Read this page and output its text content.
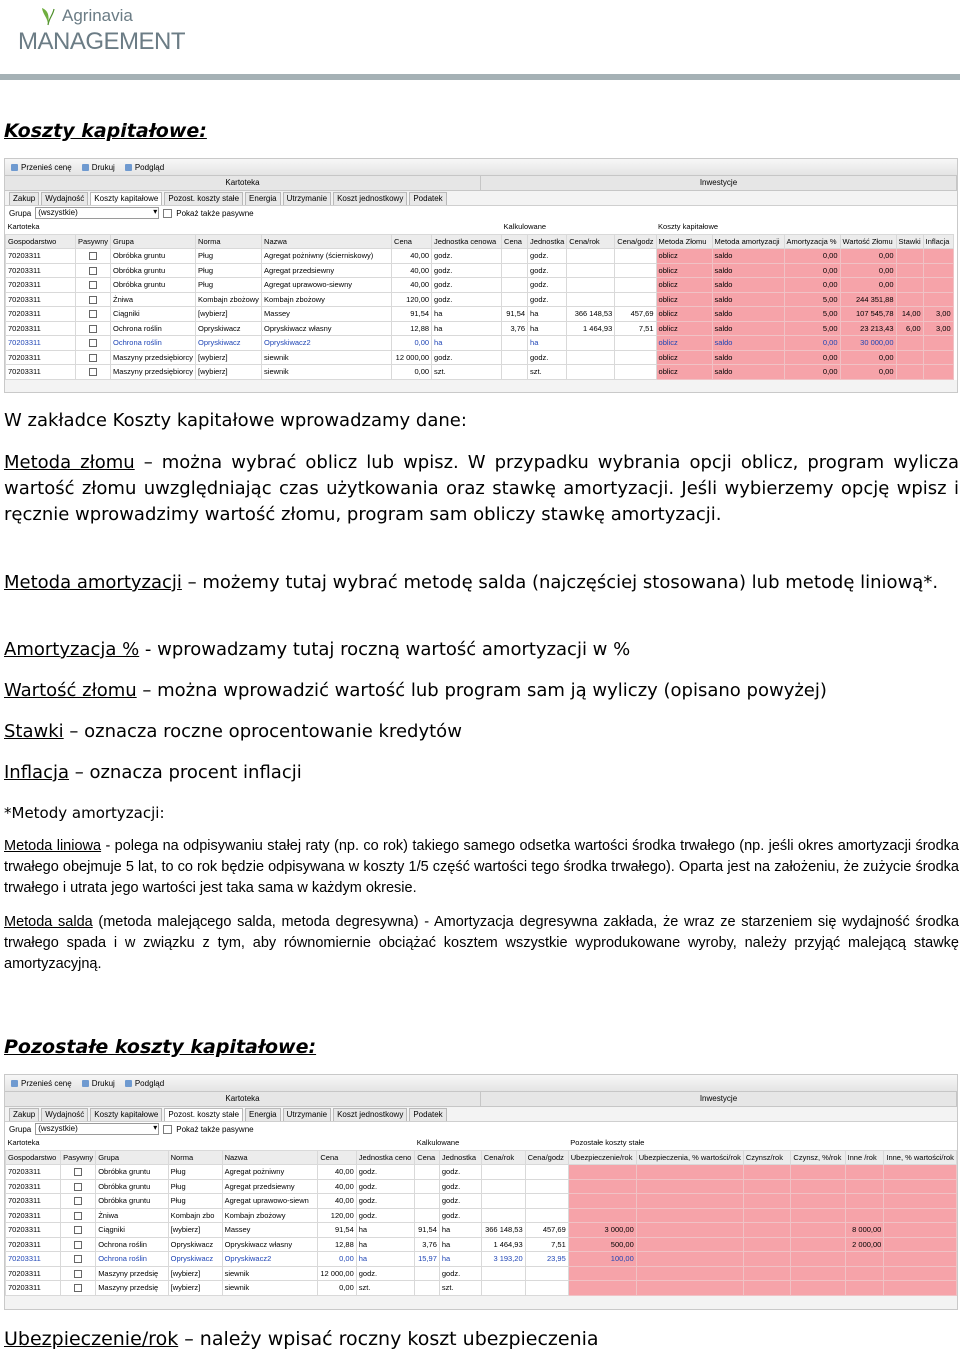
Agrinavia
MANAGEMENT
Koszty kapitałowe:
Przenieś cenę	Drukuj	Podgląd
Kartoteka	Inwestycje
Zakup	Wydajność	Koszty kapitałowe	Pozost. koszty stałe	Energia	Utrzymanie	Koszt jednostkowy	Podatek
Grupa (wszystkie) ▾	Pokaż także pasywne
Kartoteka							Kalkulowane				Koszty kapitałowe					
Gospodarstwo	Pasywny	Grupa	Norma	Nazwa	Cena	Jednostka cenowa	Cena	Jednostka	Cena/rok	Cena/godz	Metoda Złomu	Metoda amortyzacji	Amortyzacja %	Wartość Złomu	Stawki	Inflacja
70203311		Obróbka gruntu	Pług	Agregat pożniwny (ścierniskowy)	40,00	godz.		godz.			oblicz	saldo	0,00	0,00		
70203311		Obróbka gruntu	Pług	Agregat przedsiewny	40,00	godz.		godz.			oblicz	saldo	0,00	0,00		
70203311		Obróbka gruntu	Pług	Agregat uprawowo-siewny	40,00	godz.		godz.			oblicz	saldo	0,00	0,00		
70203311		Żniwa	Kombajn zbożowy	Kombajn zbożowy	120,00	godz.		godz.			oblicz	saldo	5,00	244 351,88		
70203311		Ciągniki	[wybierz]	Massey	91,54	ha	91,54	ha	366 148,53	457,69	oblicz	saldo	5,00	107 545,78	14,00	3,00
70203311		Ochrona roślin	Opryskiwacz	Opryskiwacz własny	12,88	ha	3,76	ha	1 464,93	7,51	oblicz	saldo	5,00	23 213,43	6,00	3,00
70203311		Ochrona roślin	Opryskiwacz	Opryskiwacz2	0,00	ha		ha			oblicz	saldo	0,00	30 000,00		
70203311		Maszyny przedsiębiorcy	[wybierz]	siewnik	12 000,00	godz.		godz.			oblicz	saldo	0,00	0,00		
70203311		Maszyny przedsiębiorcy	[wybierz]	siewnik	0,00	szt.		szt.			oblicz	saldo	0,00	0,00		

W zakładce Koszty kapitałowe wprowadzamy dane:

Metoda złomu – można wybrać oblicz lub wpisz. W przypadku wybrania opcji oblicz, program wylicza wartość złomu uwzględniając czas użytkowania oraz stawkę amortyzacji. Jeśli wybierzemy opcję wpisz i ręcznie wprowadzimy wartość złomu, program sam obliczy stawkę amortyzacji.

Metoda amortyzacji – możemy tutaj wybrać metodę salda (najczęściej stosowana) lub metodę liniową*.

Amortyzacja % - wprowadzamy tutaj roczną wartość amortyzacji w %

Wartość złomu – można wprowadzić wartość lub program sam ją wyliczy (opisano powyżej)

Stawki – oznacza roczne oprocentowanie kredytów

Inflacja – oznacza procent inflacji

*Metody amortyzacji:

Metoda liniowa - polega na odpisywaniu stałej raty (np. co rok) takiego samego odsetka wartości środka trwałego (np. jeśli okres amortyzacji środka trwałego obejmuje 5 lat, to co rok będzie odpisywana w koszty 1/5 część wartości tego środka trwałego). Oparta jest na założeniu, że zużycie środka trwałego i utrata jego wartości jest taka sama w każdym okresie.

Metoda salda (metoda malejącego salda, metoda degresywna) - Amortyzacja degresywna zakłada, że wraz ze starzeniem się wydajność środka trwałego spada i w związku z tym, aby równomiernie obciążać kosztem wszystkie wyprodukowane wyroby, należy przyjąć malejącą stawkę amortyzacyjną.

Pozostałe koszty kapitałowe:
Przenieś cenę	Drukuj	Podgląd
Kartoteka	Inwestycje
Zakup	Wydajność	Koszty kapitałowe	Pozost. koszty stałe	Energia	Utrzymanie	Koszt jednostkowy	Podatek
Grupa (wszystkie) ▾	Pokaż także pasywne
Kartoteka							Kalkulowane				Pozostałe koszty stałe					
Gospodarstwo	Pasywny	Grupa	Norma	Nazwa	Cena	Jednostka ceno	Cena	Jednostka	Cena/rok	Cena/godz	Ubezpieczenie/rok	Ubezpieczenia, % wartości/rok	Czynsz/rok	Czynsz, %/rok	Inne /rok	Inne, % wartości/rok
70203311		Obróbka gruntu	Pług	Agregat pożniwny	40,00	godz.		godz.								
70203311		Obróbka gruntu	Pług	Agregat przedsiewny	40,00	godz.		godz.								
70203311		Obróbka gruntu	Pług	Agregat uprawowo-siewn	40,00	godz.		godz.								
70203311		Żniwa	Kombajn zbo	Kombajn zbożowy	120,00	godz.		godz.								
70203311		Ciągniki	[wybierz]	Massey	91,54	ha	91,54	ha	366 148,53	457,69	3 000,00				8 000,00	
70203311		Ochrona roślin	Opryskiwacz	Opryskiwacz własny	12,88	ha	3,76	ha	1 464,93	7,51	500,00				2 000,00	
70203311		Ochrona roślin	Opryskiwacz	Opryskiwacz2	0,00	ha	15,97	ha	3 193,20	23,95	100,00					
70203311		Maszyny przedsię	[wybierz]	siewnik	12 000,00	godz.		godz.								
70203311		Maszyny przedsię	[wybierz]	siewnik	0,00	szt.		szt.								

Ubezpieczenie/rok – należy wpisać roczny koszt ubezpieczenia
